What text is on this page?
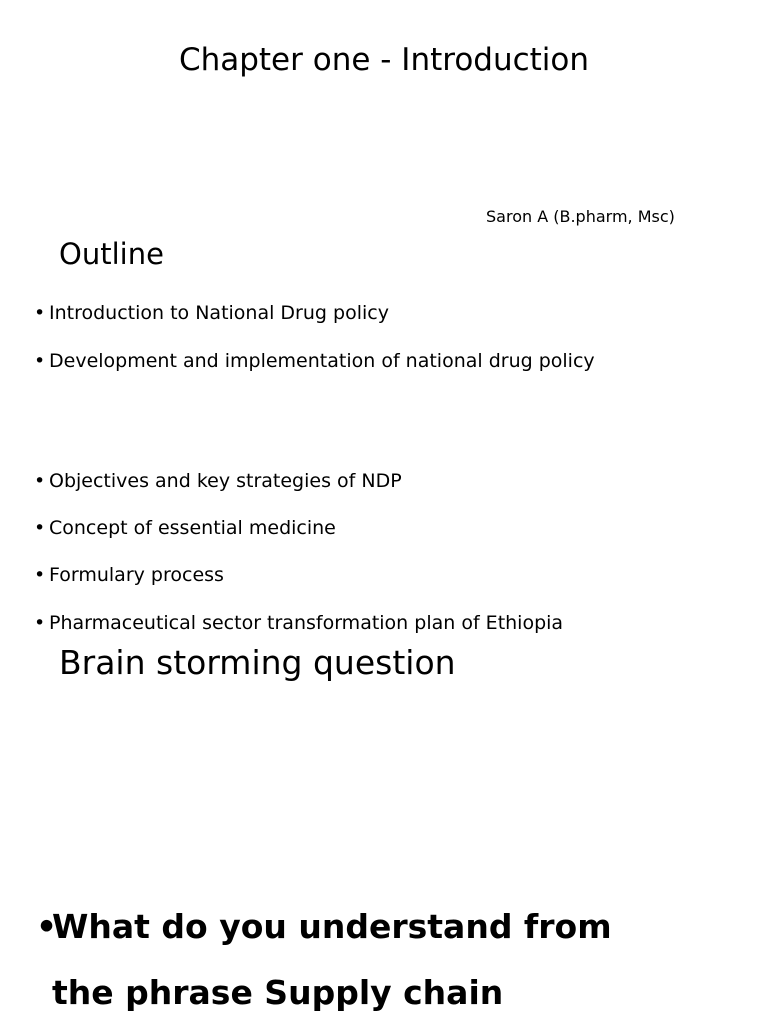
Chapter one - Introduction
Saron A (B.pharm, Msc)
Outline
• Introduction to National Drug policy
• Development and implementation of national drug policy
• Objectives and key strategies of NDP
• Concept of essential medicine
• Formulary process
• Pharmaceutical sector transformation plan of Ethiopia
Brain storming question
•What do you understand from
the phrase Supply chain
